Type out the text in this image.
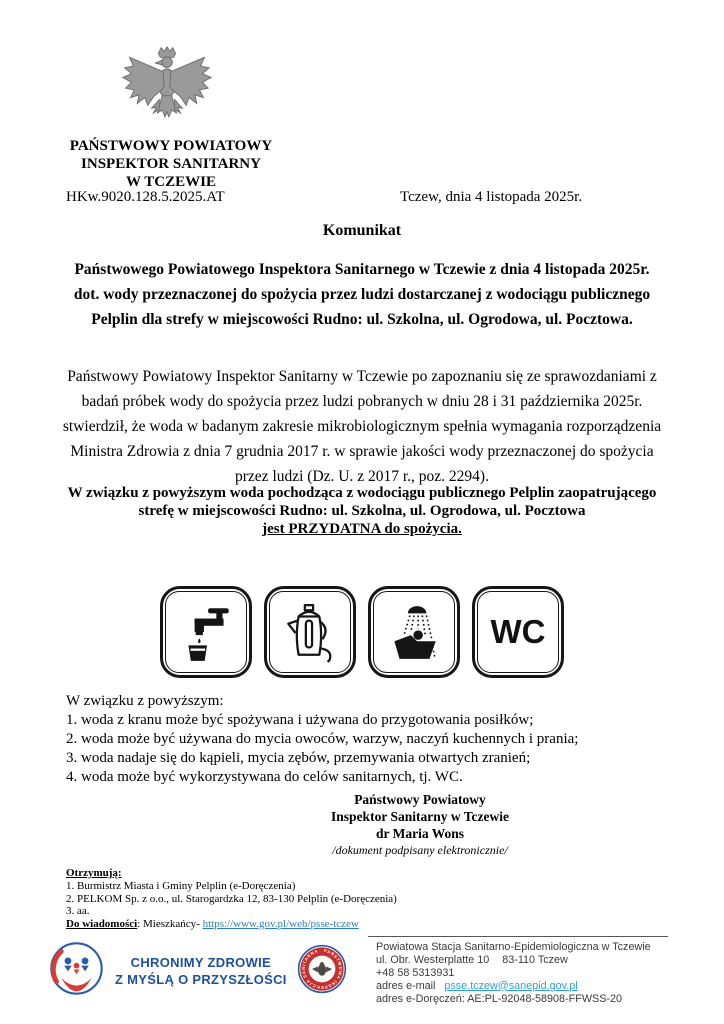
PAŃSTWOWY POWIATOWY
INSPEKTOR SANITARNY
W TCZEWIE
HKw.9020.128.5.2025.AT	Tczew, dnia 4 listopada 2025r.
Komunikat
Państwowego Powiatowego Inspektora Sanitarnego w Tczewie z dnia 4 listopada 2025r. dot. wody przeznaczonej do spożycia przez ludzi dostarczanej z wodociągu publicznego Pelplin dla strefy w miejscowości Rudno: ul. Szkolna, ul. Ogrodowa, ul. Pocztowa.
Państwowy Powiatowy Inspektor Sanitarny w Tczewie po zapoznaniu się ze sprawozdaniami z badań próbek wody do spożycia przez ludzi pobranych w dniu 28 i 31 października 2025r. stwierdził, że woda w badanym zakresie mikrobiologicznym spełnia wymagania rozporządzenia Ministra Zdrowia z dnia 7 grudnia 2017 r. w sprawie jakości wody przeznaczonej do spożycia przez ludzi (Dz. U. z 2017 r., poz. 2294).
W związku z powyższym woda pochodząca z wodociągu publicznego Pelplin zaopatrującego strefę w miejscowości Rudno: ul. Szkolna, ul. Ogrodowa, ul. Pocztowa
jest PRZYDATNA do spożycia.
WC
W związku z powyższym:
1. woda z kranu może być spożywana i używana do przygotowania posiłków;
2. woda może być używana do mycia owoców, warzyw, naczyń kuchennych i prania;
3. woda nadaje się do kąpieli, mycia zębów, przemywania otwartych zranień;
4. woda może być wykorzystywana do celów sanitarnych, tj. WC.
Państwowy Powiatowy
Inspektor Sanitarny w Tczewie
dr Maria Wons
/dokument podpisany elektronicznie/
Otrzymują:
1. Burmistrz Miasta i Gminy Pelplin (e-Doręczenia)
2. PELKOM Sp. z o.o., ul. Starogardzka 12, 83-130 Pelplin (e-Doręczenia)
3. aa.
Do wiadomości: Mieszkańcy- https://www.gov.pl/web/psse-tczew
CHRONIMY ZDROWIE
Z MYŚLĄ O PRZYSZŁOŚCI
PAŃSTWOWA INSPEKCJA SANITARNA	Powiatowa Stacja Sanitarno-Epidemiologiczna w Tczewie
ul. Obr. Westerplatte 10 83-110 Tczew
+48 58 5313931
adres e-mail psse.tczew@sanepid.gov.pl
adres e-Doręczeń: AE:PL-92048-58908-FFWSS-20
